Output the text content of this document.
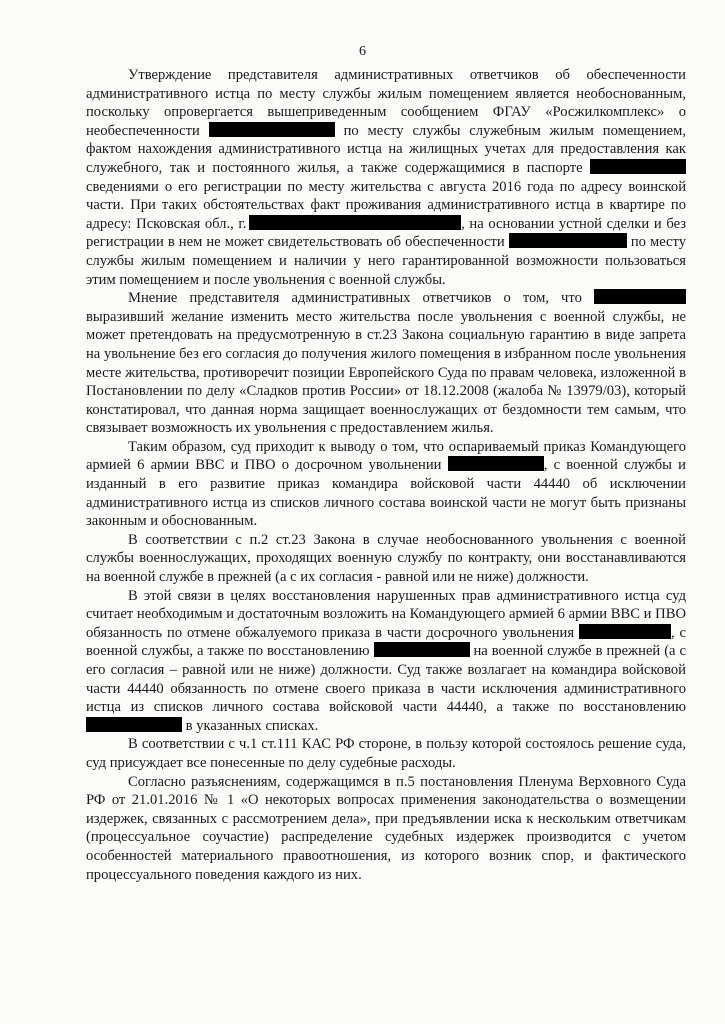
6

Утверждение представителя административных ответчиков об обеспеченности административного истца по месту службы жилым помещением является необоснованным, поскольку опровергается вышеприведенным сообщением ФГАУ «Росжилкомплекс» о необеспеченности	по месту службы служебным жилым помещением, фактом нахождения административного истца на жилищных учетах для предоставления как служебного, так и постоянного жилья, а также содержащимися в паспорте  сведениями о его регистрации по месту жительства с августа 2016 года по адресу воинской части. При таких обстоятельствах факт проживания административного истца в квартире по адресу: Псковская обл., г.	, на основании устной сделки и без регистрации в нем не может свидетельствовать об обеспеченности	по месту службы жилым помещением и наличии у него гарантированной возможности пользоваться этим помещением и после увольнения с военной службы.

Мнение представителя административных ответчиков о том, что  выразивший желание изменить место жительства после увольнения с военной службы, не может претендовать на предусмотренную в ст.23 Закона социальную гарантию в виде запрета на увольнение без его согласия до получения жилого помещения в избранном после увольнения месте жительства, противоречит позиции Европейского Суда по правам человека, изложенной в Постановлении по делу «Сладков против России» от 18.12.2008 (жалоба № 13979/03), который констатировал, что данная норма защищает военнослужащих от бездомности тем самым, что связывает возможность их увольнения с предоставлением жилья.

Таким образом, суд приходит к выводу о том, что оспариваемый приказ Командующего армией 6 армии ВВС и ПВО о досрочном увольнении	, с военной службы и изданный в его развитие приказ командира войсковой части 44440 об исключении административного истца из списков личного состава воинской части не могут быть признаны законным и обоснованным.

В соответствии с п.2 ст.23 Закона в случае необоснованного увольнения с военной службы военнослужащих, проходящих военную службу по контракту, они восстанавливаются на военной службе в прежней (а с их согласия - равной или не ниже) должности.

В этой связи в целях восстановления нарушенных прав административного истца суд считает необходимым и достаточным возложить на Командующего армией 6 армии ВВС и ПВО обязанность по отмене обжалуемого приказа в части досрочного увольнения	, с военной службы, а также по восстановлению	на военной службе в прежней (а с его согласия – равной или не ниже) должности. Суд также возлагает на командира войсковой части 44440 обязанность по отмене своего приказа в части исключения административного истца из списков личного состава войсковой части 44440, а также по восстановлению  в указанных списках.

В соответствии с ч.1 ст.111 КАС РФ стороне, в пользу которой состоялось решение суда, суд присуждает все понесенные по делу судебные расходы.

Согласно разъяснениям, содержащимся в п.5 постановления Пленума Верховного Суда РФ от 21.01.2016 № 1 «О некоторых вопросах применения законодательства о возмещении издержек, связанных с рассмотрением дела», при предъявлении иска к нескольким ответчикам (процессуальное соучастие) распределение судебных издержек производится с учетом особенностей материального правоотношения, из которого возник спор, и фактического процессуального поведения каждого из них.
